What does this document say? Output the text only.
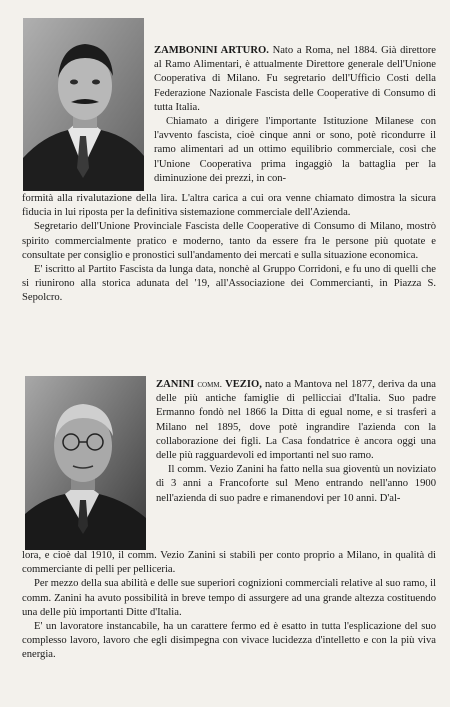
ZAMBONINI ARTURO. Nato a Roma, nel 1884. Già direttore al Ramo Alimentari, è attualmente Direttore generale dell'Unione Cooperativa di Milano. Fu segretario dell'Ufficio Costi della Federazione Nazionale Fascista delle Cooperative di Consumo di tutta Italia.

Chiamato a dirigere l'importante Istituzione Milanese con l'avvento fascista, cioè cinque anni or sono, potè ricondurre il ramo alimentari ad un ottimo equilibrio commerciale, così che l'Unione Cooperativa prima ingaggiò la battaglia per la diminuzione dei prezzi, in con-

formità alla rivalutazione della lira. L'altra carica a cui ora venne chiamato dimostra la sicura fiducia in lui riposta per la definitiva sistemazione commerciale dell'Azienda.

Segretario dell'Unione Provinciale Fascista delle Cooperative di Consumo di Milano, mostrò spirito commercialmente pratico e moderno, tanto da essere fra le persone più quotate e consultate per consiglio e pronostici sull'andamento dei mercati e sulla situazione economica.

E' iscritto al Partito Fascista da lunga data, nonchè al Gruppo Corridoni, e fu uno di quelli che si riunirono alla storica adunata del '19, all'Associazione dei Commercianti, in Piazza S. Sepolcro.

ZANINI comm. VEZIO, nato a Mantova nel 1877, deriva da una delle più antiche famiglie di pellicciai d'Italia. Suo padre Ermanno fondò nel 1866 la Ditta di egual nome, e si trasferì a Milano nel 1895, dove potè ingrandire l'azienda con la collaborazione dei figli. La Casa fondatrice è ancora oggi una delle più ragguardevoli ed importanti nel suo ramo.

Il comm. Vezio Zanini ha fatto nella sua gioventù un noviziato di 3 anni a Francoforte sul Meno entrando nell'anno 1900 nell'azienda di suo padre e rimanendovi per 10 anni. D'al-

lora, e cioè dal 1910, il comm. Vezio Zanini si stabilì per conto proprio a Milano, in qualità di commerciante di pelli per pelliceria.

Per mezzo della sua abilità e delle sue superiori cognizioni commerciali relative al suo ramo, il comm. Zanini ha avuto possibilità in breve tempo di assurgere ad una grande altezza costituendo una delle più importanti Ditte d'Italia.

E' un lavoratore instancabile, ha un carattere fermo ed è esatto in tutta l'esplicazione del suo complesso lavoro, lavoro che egli disimpegna con vivace lucidezza d'intelletto e con la più viva energia.
